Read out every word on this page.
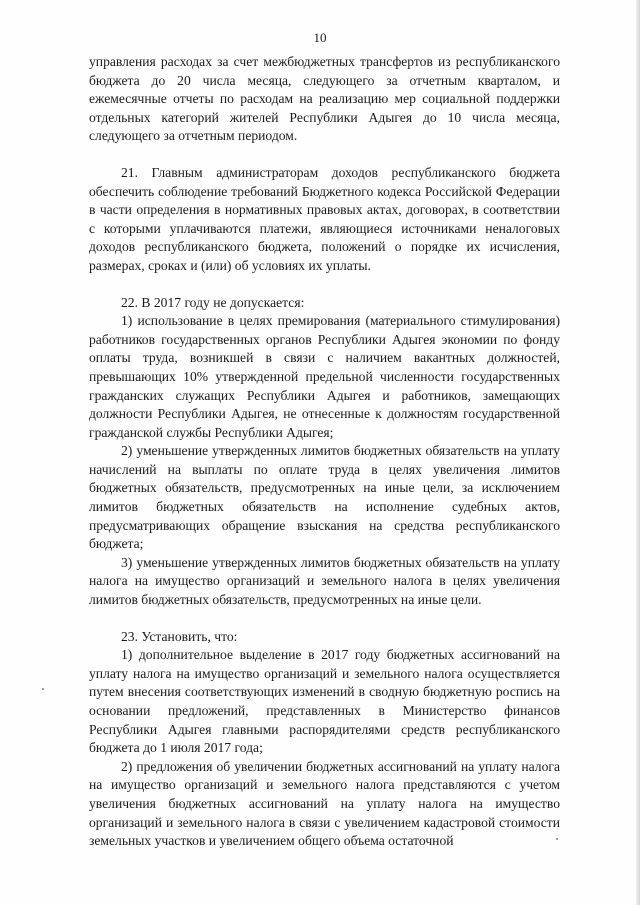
10

управления расходах за счет межбюджетных трансфертов из республиканского бюджета до 20 числа месяца, следующего за отчетным кварталом, и ежемесячные отчеты по расходам на реализацию мер социальной поддержки отдельных категорий жителей Республики Адыгея до 10 числа месяца, следующего за отчетным периодом.

21. Главным администраторам доходов республиканского бюджета обеспечить соблюдение требований Бюджетного кодекса Российской Федерации в части определения в нормативных правовых актах, договорах, в соответствии с которыми уплачиваются платежи, являющиеся источниками неналоговых доходов республиканского бюджета, положений о порядке их исчисления, размерах, сроках и (или) об условиях их уплаты.

22. В 2017 году не допускается:

1) использование в целях премирования (материального стимулирования) работников государственных органов Республики Адыгея экономии по фонду оплаты труда, возникшей в связи с наличием вакантных должностей, превышающих 10% утвержденной предельной численности государственных гражданских служащих Республики Адыгея и работников, замещающих должности Республики Адыгея, не отнесенные к должностям государственной гражданской службы Республики Адыгея;

2) уменьшение утвержденных лимитов бюджетных обязательств на уплату начислений на выплаты по оплате труда в целях увеличения лимитов бюджетных обязательств, предусмотренных на иные цели, за исключением лимитов бюджетных обязательств на исполнение судебных актов, предусматривающих обращение взыскания на средства республиканского бюджета;

3) уменьшение утвержденных лимитов бюджетных обязательств на уплату налога на имущество организаций и земельного налога в целях увеличения лимитов бюджетных обязательств, предусмотренных на иные цели.

23. Установить, что:

1) дополнительное выделение в 2017 году бюджетных ассигнований на уплату налога на имущество организаций и земельного налога осуществляется путем внесения соответствующих изменений в сводную бюджетную роспись на основании предложений, представленных в Министерство финансов Республики Адыгея главными распорядителями средств республиканского бюджета до 1 июля 2017 года;

2) предложения об увеличении бюджетных ассигнований на уплату налога на имущество организаций и земельного налога представляются с учетом увеличения бюджетных ассигнований на уплату налога на имущество организаций и земельного налога в связи с увеличением кадастровой стоимости земельных участков и увеличением общего объема остаточной
